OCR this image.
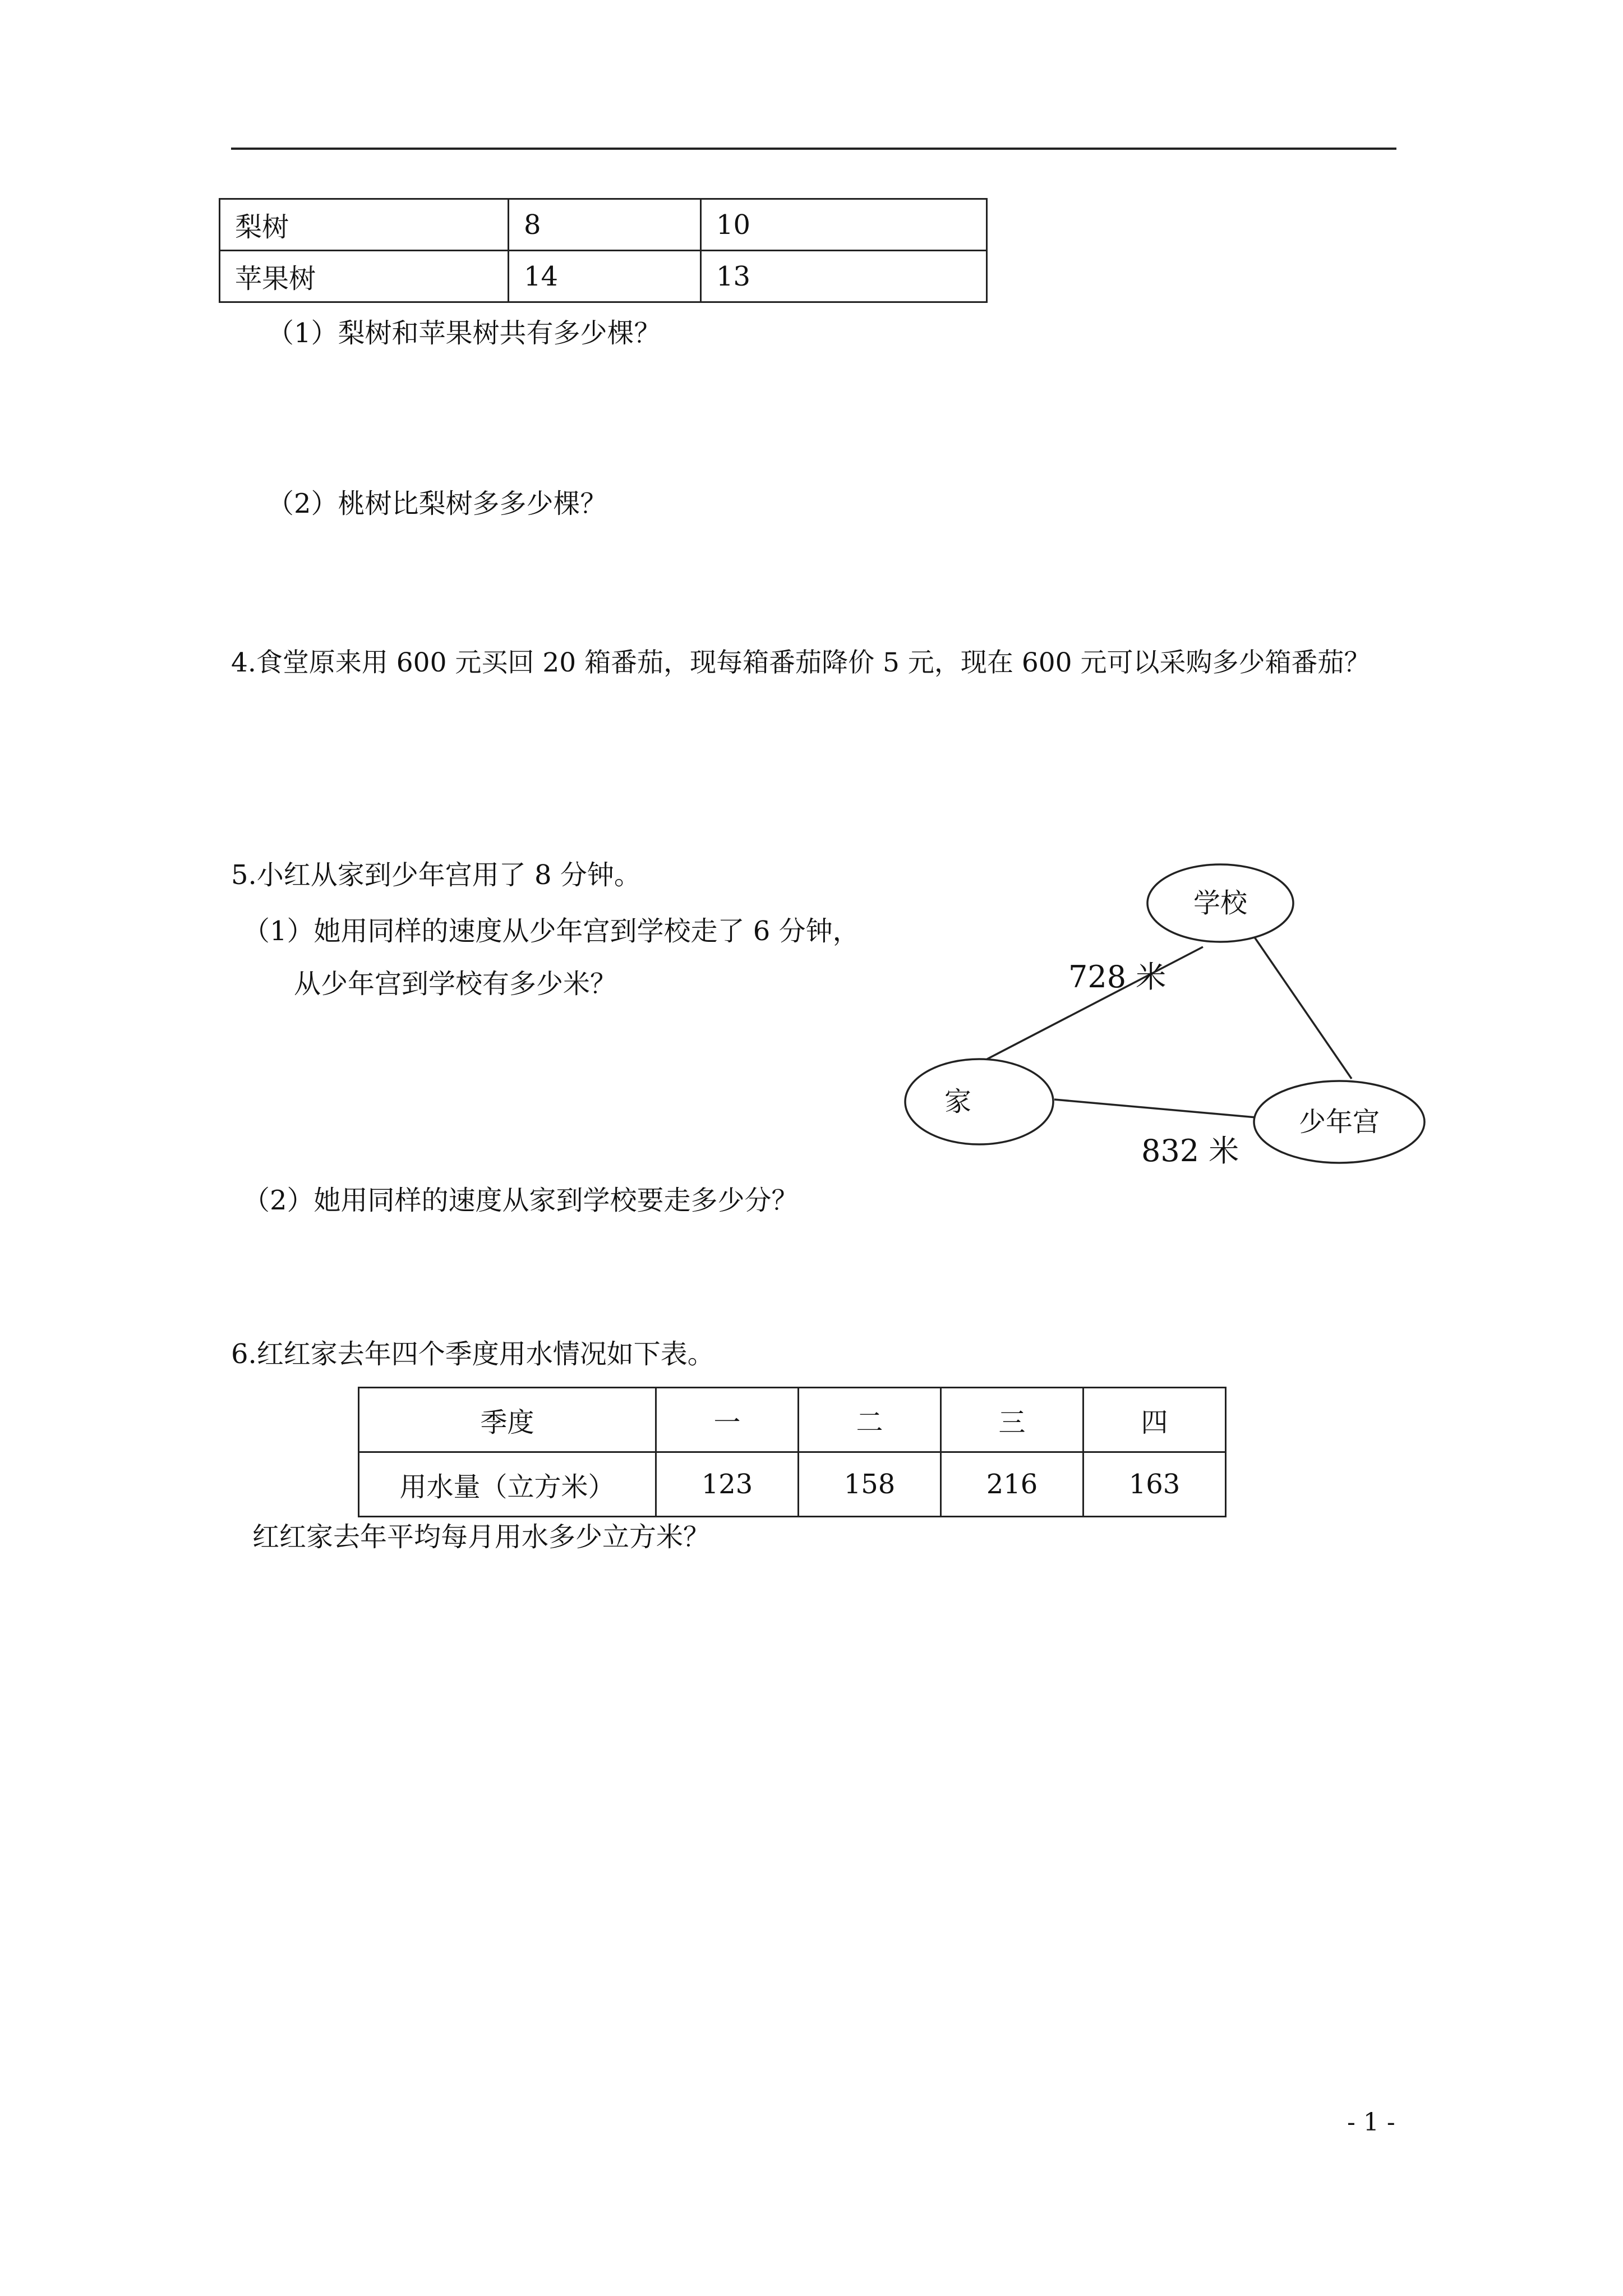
梨树	8	10
苹果树	14	13
（1）梨树和苹果树共有多少棵？
（2）桃树比梨树多多少棵？
4.食堂原来用 600 元买回 20 箱番茄，现每箱番茄降价 5 元，现在 600 元可以采购多少箱番茄？
5.小红从家到少年宫用了 8 分钟。
（1）她用同样的速度从少年宫到学校走了 6 分钟，
从少年宫到学校有多少米？
（2）她用同样的速度从家到学校要走多少分？
学校
家
少年宫
728 米
832 米
6.红红家去年四个季度用水情况如下表。
季度	一	二	三	四
用水量（立方米）	123	158	216	163
红红家去年平均每月用水多少立方米？
- 1 -
